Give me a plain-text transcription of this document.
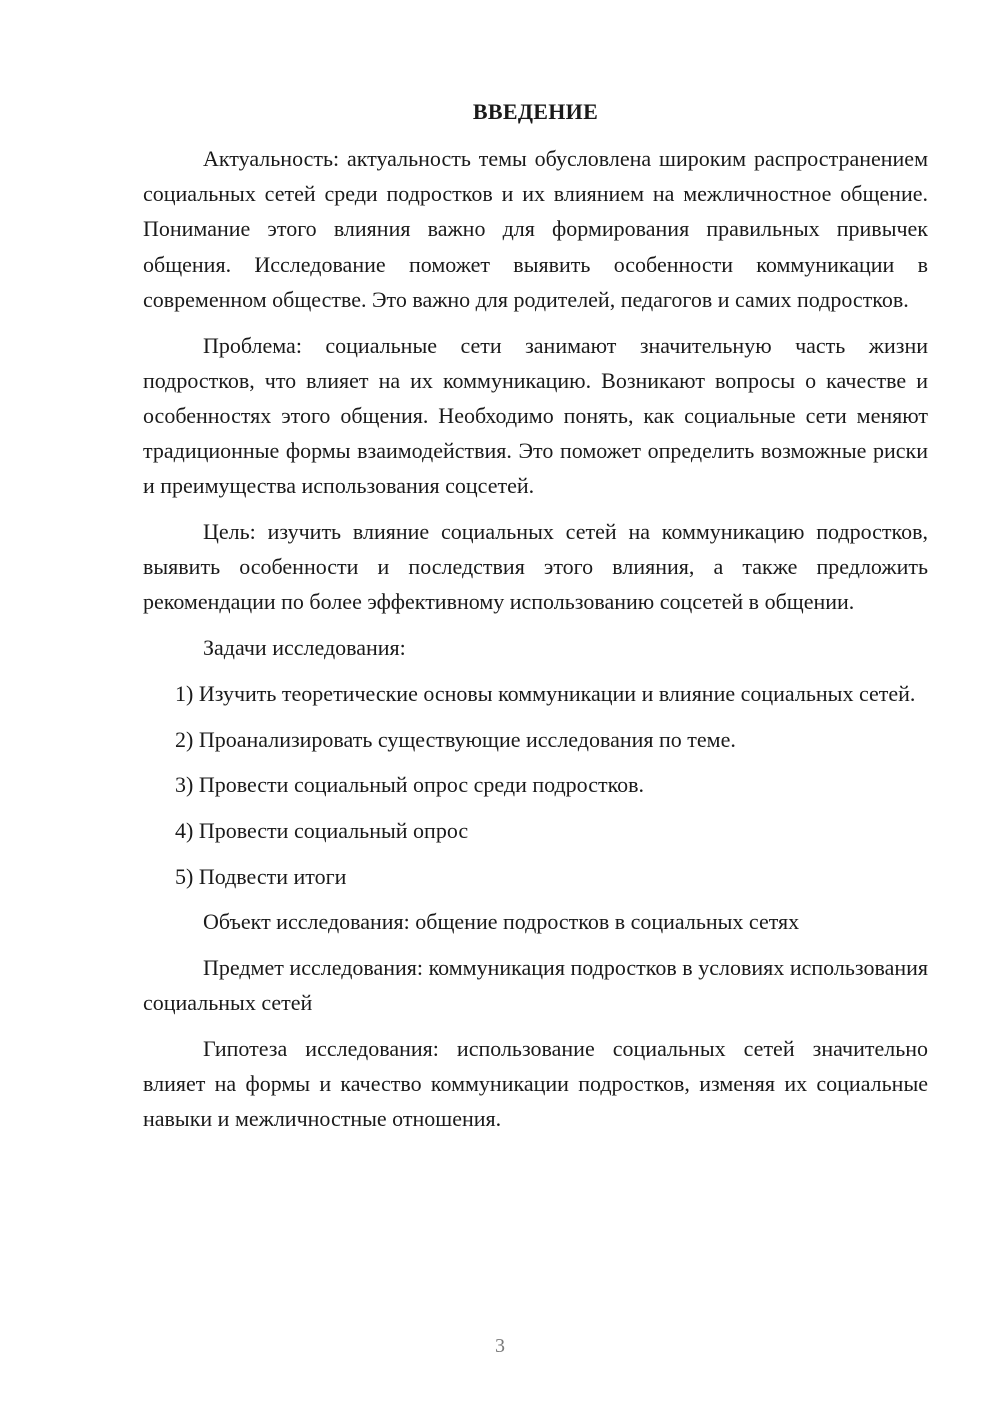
ВВЕДЕНИЕ

Актуальность: актуальность темы обусловлена широким распространением социальных сетей среди подростков и их влиянием на межличностное общение. Понимание этого влияния важно для формирования правильных привычек общения. Исследование поможет выявить особенности коммуникации в современном обществе. Это важно для родителей, педагогов и самих подростков.

Проблема: социальные сети занимают значительную часть жизни подростков, что влияет на их коммуникацию. Возникают вопросы о качестве и особенностях этого общения. Необходимо понять, как социальные сети меняют традиционные формы взаимодействия. Это поможет определить возможные риски и преимущества использования соцсетей.

Цель: изучить влияние социальных сетей на коммуникацию подростков, выявить особенности и последствия этого влияния, а также предложить рекомендации по более эффективному использованию соцсетей в общении.

Задачи исследования:

1) Изучить теоретические основы коммуникации и влияние социальных сетей.

2) Проанализировать существующие исследования по теме.

3) Провести социальный опрос среди подростков.

4) Провести социальный опрос

5) Подвести итоги

Объект исследования: общение подростков в социальных сетях

Предмет исследования: коммуникация подростков в условиях использования социальных сетей

Гипотеза исследования: использование социальных сетей значительно влияет на формы и качество коммуникации подростков, изменяя их социальные навыки и межличностные отношения.

3
